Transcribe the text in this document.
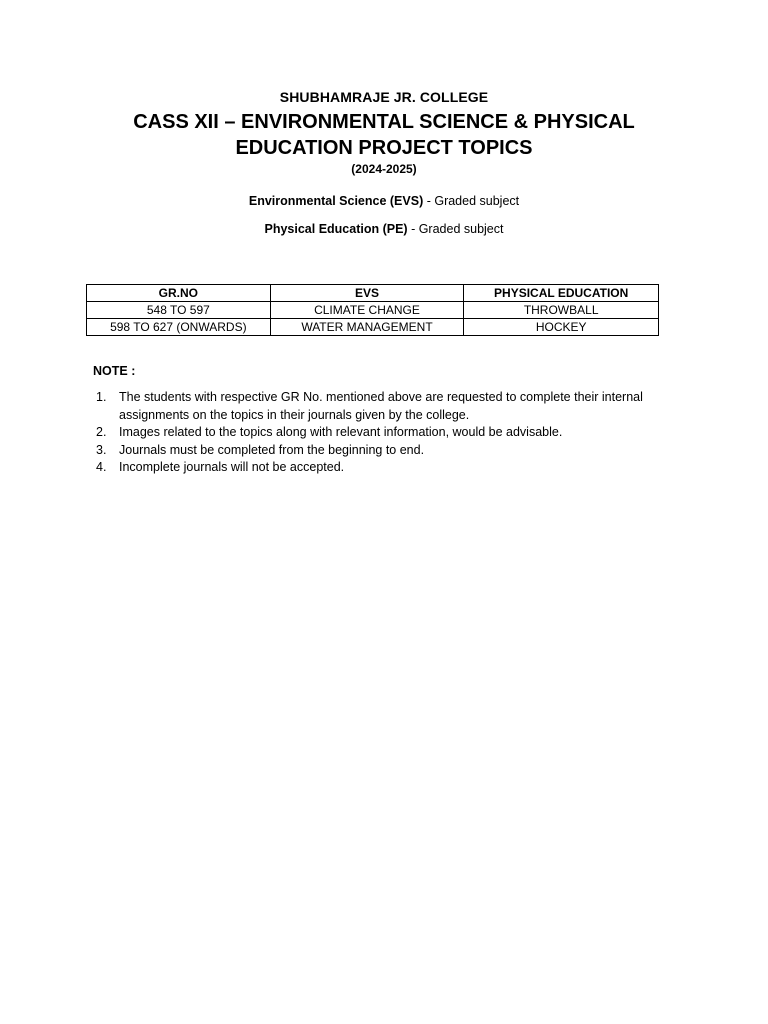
SHUBHAMRAJE JR. COLLEGE
CASS XII – ENVIRONMENTAL SCIENCE & PHYSICAL EDUCATION PROJECT TOPICS
(2024-2025)
Environmental Science (EVS) - Graded subject
Physical Education (PE) - Graded subject
GR.NO	EVS	PHYSICAL EDUCATION
548 TO 597	CLIMATE CHANGE	THROWBALL
598 TO 627 (ONWARDS)	WATER MANAGEMENT	HOCKEY
NOTE :
1. The students with respective GR No. mentioned above are requested to complete their internal assignments on the topics in their journals given by the college.
2. Images related to the topics along with relevant information, would be advisable.
3. Journals must be completed from the beginning to end.
4. Incomplete journals will not be accepted.
